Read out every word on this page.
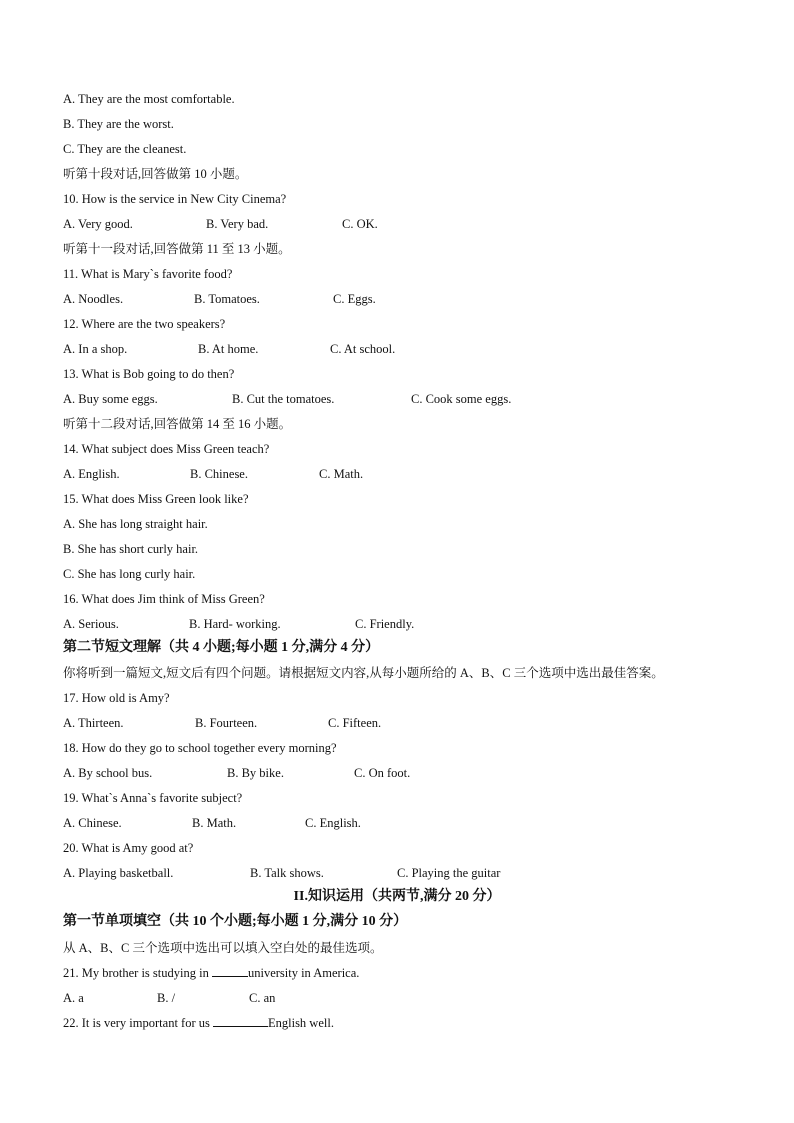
A. They are the most comfortable.
B. They are the worst.
C. They are the cleanest.
听第十段对话,回答做第 10 小题。
10. How is the service in New City Cinema?
A. Very good.	B. Very bad.	C. OK.
听第十一段对话,回答做第 11 至 13 小题。
11. What is Mary`s favorite food?
A. Noodles.	B. Tomatoes.	C. Eggs.
12. Where are the two speakers?
A. In a shop.	B. At home.	C. At school.
13. What is Bob going to do then?
A. Buy some eggs.	B. Cut the tomatoes.	C. Cook some eggs.
听第十二段对话,回答做第 14 至 16 小题。
14. What subject does Miss Green teach?
A. English.	B. Chinese.	C. Math.
15. What does Miss Green look like?
A. She has long straight hair.
B. She has short curly hair.
C. She has long curly hair.
16. What does Jim think of Miss Green?
A. Serious.	B. Hard- working.	C. Friendly.
第二节短文理解（共 4 小题;每小题 1 分,满分 4 分）
你将听到一篇短文,短文后有四个问题。请根据短文内容,从每小题所给的 A、B、C 三个选项中选出最佳答案。
17. How old is Amy?
A. Thirteen.	B. Fourteen.	C. Fifteen.
18. How do they go to school together every morning?
A. By school bus.	B. By bike.	C. On foot.
19. What`s Anna`s favorite subject?
A. Chinese.	B. Math.	C. English.
20. What is Amy good at?
A. Playing basketball.	B. Talk shows.	C. Playing the guitar
II.知识运用（共两节,满分 20 分）
第一节单项填空（共 10 个小题;每小题 1 分,满分 10 分）
从 A、B、C 三个选项中选出可以填入空白处的最佳选项。
21. My brother is studying in	university in America.
A. a	B. /	C. an
22. It is very important for us	English well.
